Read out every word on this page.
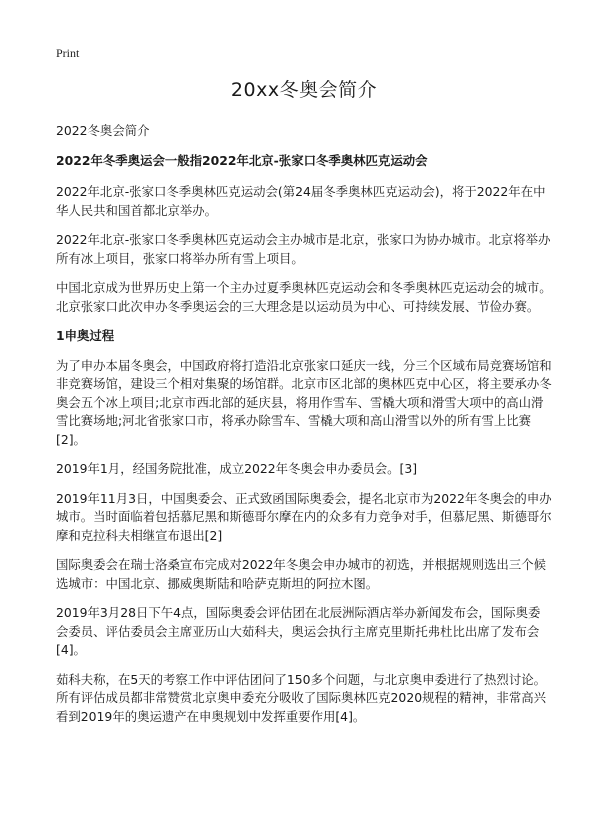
Print
20xx冬奥会简介

2022冬奥会简介

2022年冬季奥运会一般指2022年北京-张家口冬季奥林匹克运动会

2022年北京-张家口冬季奥林匹克运动会(第24届冬季奥林匹克运动会)，将于2022年在中华人民共和国首都北京举办。

2022年北京-张家口冬季奥林匹克运动会主办城市是北京，张家口为协办城市。北京将举办所有冰上项目，张家口将举办所有雪上项目。

中国北京成为世界历史上第一个主办过夏季奥林匹克运动会和冬季奥林匹克运动会的城市。北京张家口此次申办冬季奥运会的三大理念是以运动员为中心、可持续发展、节俭办赛。

1申奥过程

为了申办本届冬奥会，中国政府将打造沿北京张家口延庆一线，分三个区域布局竞赛场馆和非竞赛场馆，建设三个相对集聚的场馆群。北京市区北部的奥林匹克中心区，将主要承办冬奥会五个冰上项目;北京市西北部的延庆县，将用作雪车、雪橇大项和滑雪大项中的高山滑雪比赛场地;河北省张家口市，将承办除雪车、雪橇大项和高山滑雪以外的所有雪上比赛[2]。

2019年1月，经国务院批准，成立2022年冬奥会申办委员会。[3]

2019年11月3日，中国奥委会、正式致函国际奥委会，提名北京市为2022年冬奥会的申办城市。当时面临着包括慕尼黑和斯德哥尔摩在内的众多有力竞争对手，但慕尼黑、斯德哥尔摩和克拉科夫相继宣布退出[2]

国际奥委会在瑞士洛桑宣布完成对2022年冬奥会申办城市的初选，并根据规则选出三个候选城市：中国北京、挪威奥斯陆和哈萨克斯坦的阿拉木图。

2019年3月28日下午4点，国际奥委会评估团在北辰洲际酒店举办新闻发布会，国际奥委会委员、评估委员会主席亚历山大茹科夫，奥运会执行主席克里斯托弗杜比出席了发布会[4]。

茹科夫称，在5天的考察工作中评估团问了150多个问题，与北京奥申委进行了热烈讨论。所有评估成员都非常赞赏北京奥申委充分吸收了国际奥林匹克2020规程的精神，非常高兴看到2019年的奥运遗产在申奥规划中发挥重要作用[4]。
